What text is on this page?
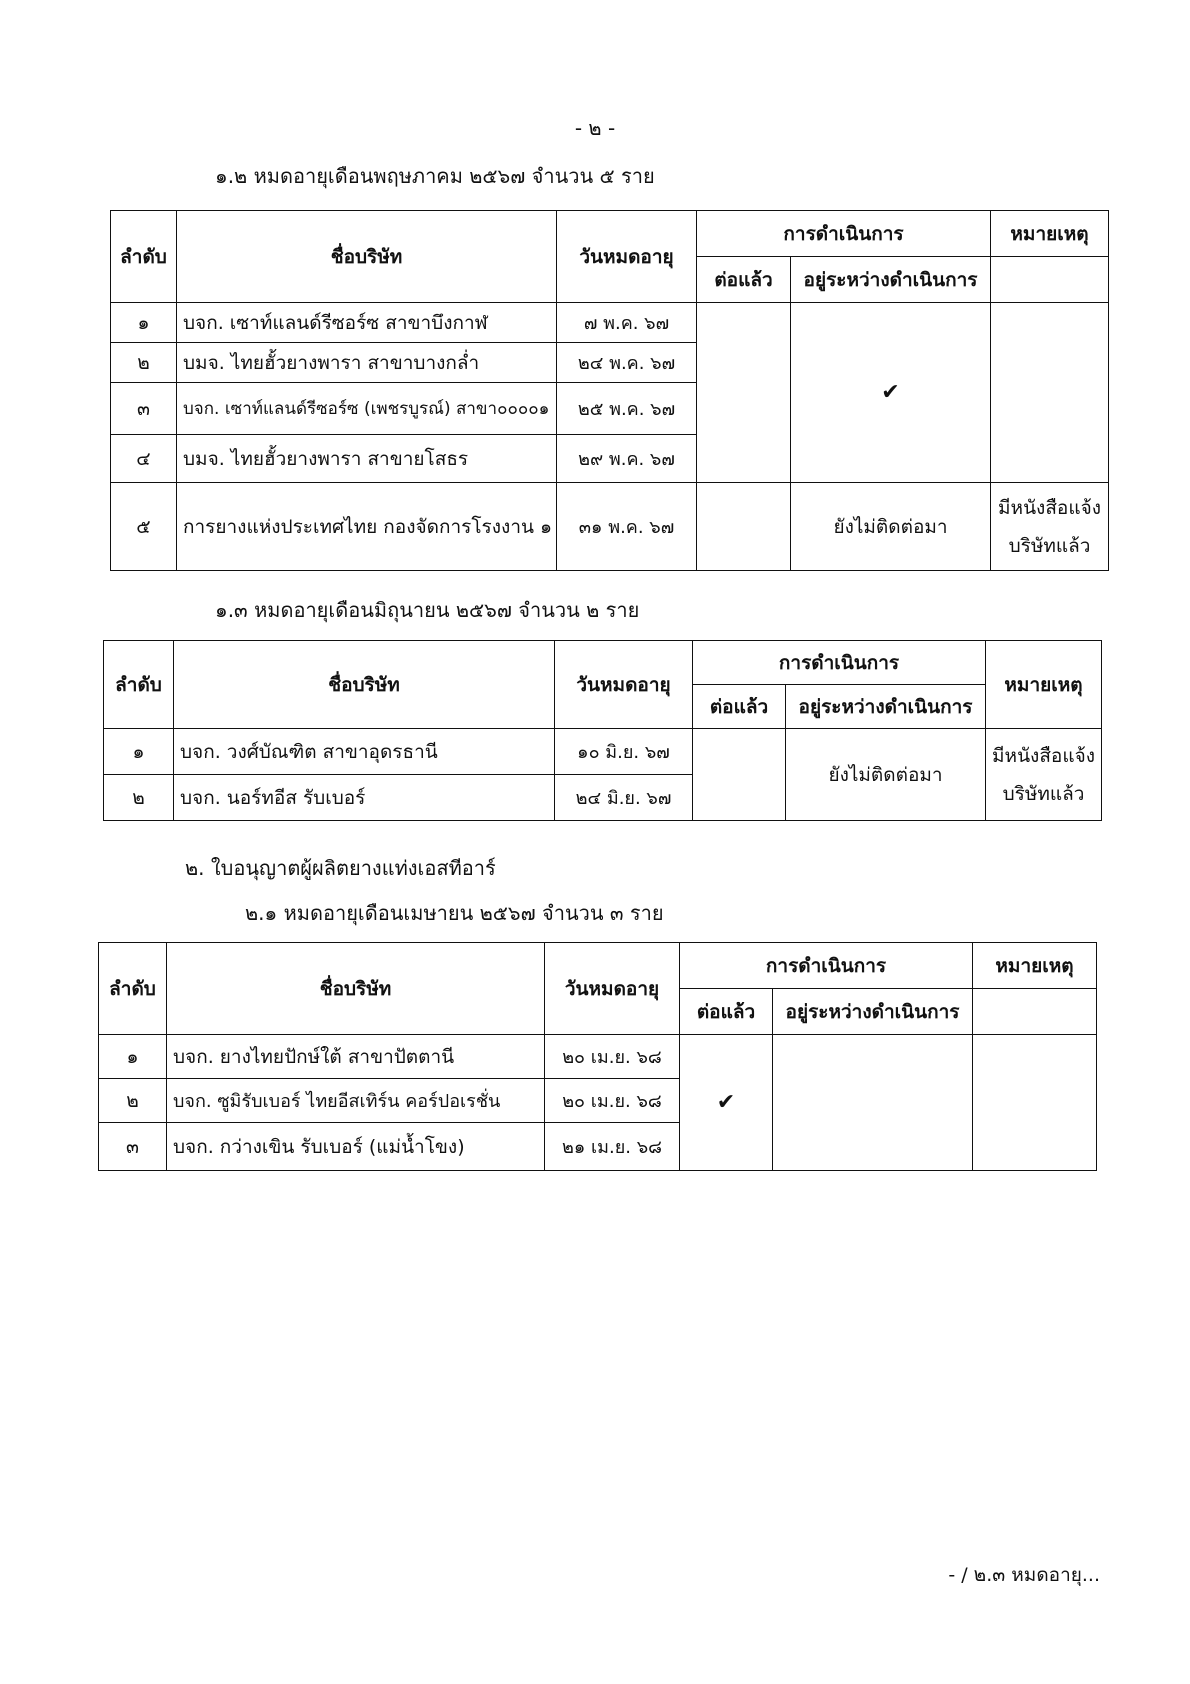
- ๒ -
๑.๒ หมดอายุเดือนพฤษภาคม ๒๕๖๗ จำนวน ๕ ราย
ลำดับ	ชื่อบริษัท	วันหมดอายุ	การดำเนินการ		หมายเหตุ
			ต่อแล้ว	อยู่ระหว่างดำเนินการ	
๑	บจก. เซาท์แลนด์รีซอร์ซ สาขาบึงกาฬ	๗ พ.ค. ๖๗		✔	
๒	บมจ. ไทยฮั้วยางพารา สาขาบางกล่ำ	๒๔ พ.ค. ๖๗			
๓	บจก. เซาท์แลนด์รีซอร์ซ (เพชรบูรณ์) สาขา๐๐๐๐๑	๒๕ พ.ค. ๖๗			
๔	บมจ. ไทยฮั้วยางพารา สาขายโสธร	๒๙ พ.ค. ๖๗			
๕	การยางแห่งประเทศไทย กองจัดการโรงงาน ๑	๓๑ พ.ค. ๖๗		ยังไม่ติดต่อมา	มีหนังสือแจ้ง
บริษัทแล้ว
๑.๓ หมดอายุเดือนมิถุนายน ๒๕๖๗ จำนวน ๒ ราย
ลำดับ	ชื่อบริษัท	วันหมดอายุ	การดำเนินการ		หมายเหตุ
			ต่อแล้ว	อยู่ระหว่างดำเนินการ	
๑	บจก. วงศ์บัณฑิต สาขาอุดรธานี	๑๐ มิ.ย. ๖๗		ยังไม่ติดต่อมา	มีหนังสือแจ้ง
บริษัทแล้ว

๒	บจก. นอร์ทอีส รับเบอร์	๒๔ มิ.ย. ๖๗			
๒. ใบอนุญาตผู้ผลิตยางแท่งเอสทีอาร์
๒.๑ หมดอายุเดือนเมษายน ๒๕๖๗ จำนวน ๓ ราย
ลำดับ	ชื่อบริษัท	วันหมดอายุ	การดำเนินการ		หมายเหตุ
			ต่อแล้ว	อยู่ระหว่างดำเนินการ	
๑	บจก. ยางไทยปักษ์ใต้ สาขาปัตตานี	๒๐ เม.ย. ๖๘	✔		
๒	บจก. ซูมิรับเบอร์ ไทยอีสเทิร์น คอร์ปอเรชั่น	๒๐ เม.ย. ๖๘			
๓	บจก. กว่างเขิน รับเบอร์ (แม่น้ำโขง)	๒๑ เม.ย. ๖๘			
- / ๒.๓ หมดอายุ...
